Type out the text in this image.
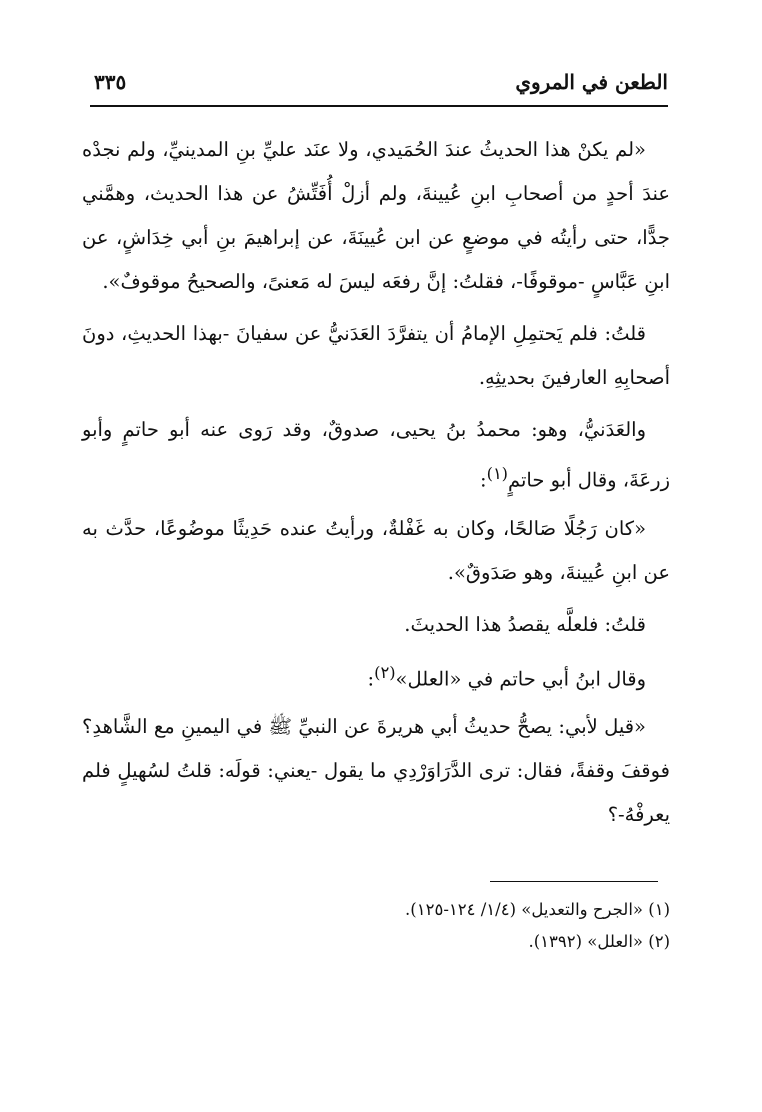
الطعن في المروي
٣٣٥

«لم يكنْ هذا الحديثُ عندَ الحُمَيدي، ولا عنَد عليِّ بنِ المدينيِّ، ولم نجدْه عندَ أحدٍ من أصحابِ ابنِ عُيينةَ، ولم أزلْ أُفَتِّشُ عن هذا الحديث، وهمَّني جدًّا، حتى رأيتُه في موضعٍ عن ابن عُيينَةَ، عن إبراهيمَ بنِ أبي خِدَاشٍ، عن ابنِ عَبَّاسٍ -موقوفًا-، فقلتُ: إنَّ رفعَه ليسَ له مَعنىً، والصحيحُ موقوفٌ».

قلتُ: فلم يَحتمِلِ الإمامُ أن يتفرَّدَ العَدَنيُّ عن سفيانَ -بهذا الحديثِ، دونَ أصحابِهِ العارفينَ بحديثِهِ.

والعَدَنيُّ، وهو: محمدُ بنُ يحيى، صدوقٌ، وقد رَوى عنه أبو حاتمٍ وأبو زرعَةَ، وقال أبو حاتمٍ$^{(١)}$:

«كان رَجُلًا صَالحًا، وكان به غَفْلةٌ، ورأيتُ عنده حَدِيثًا موضُوعًا، حدَّث به عن ابنِ عُيينةَ، وهو صَدَوقٌ».

قلتُ: فلعلَّه يقصدُ هذا الحديثَ.

وقال ابنُ أبي حاتم في «العلل»$^{(٢)}$:

«قيل لأبي: يصحُّ حديثُ أبي هريرةَ عن النبيِّ ﷺ في اليمينِ مع الشَّاهدِ؟ فوقفَ وقفةً، فقال: ترى الدَّرَاوَرْدِي ما يقول -يعني: قولَه: قلتُ لسُهيلٍ فلم يعرفْهُ-؟

(١) «الجرح والتعديل» (١/٤/ ١٢٤-١٢٥).
(٢) «العلل» (١٣٩٢).
